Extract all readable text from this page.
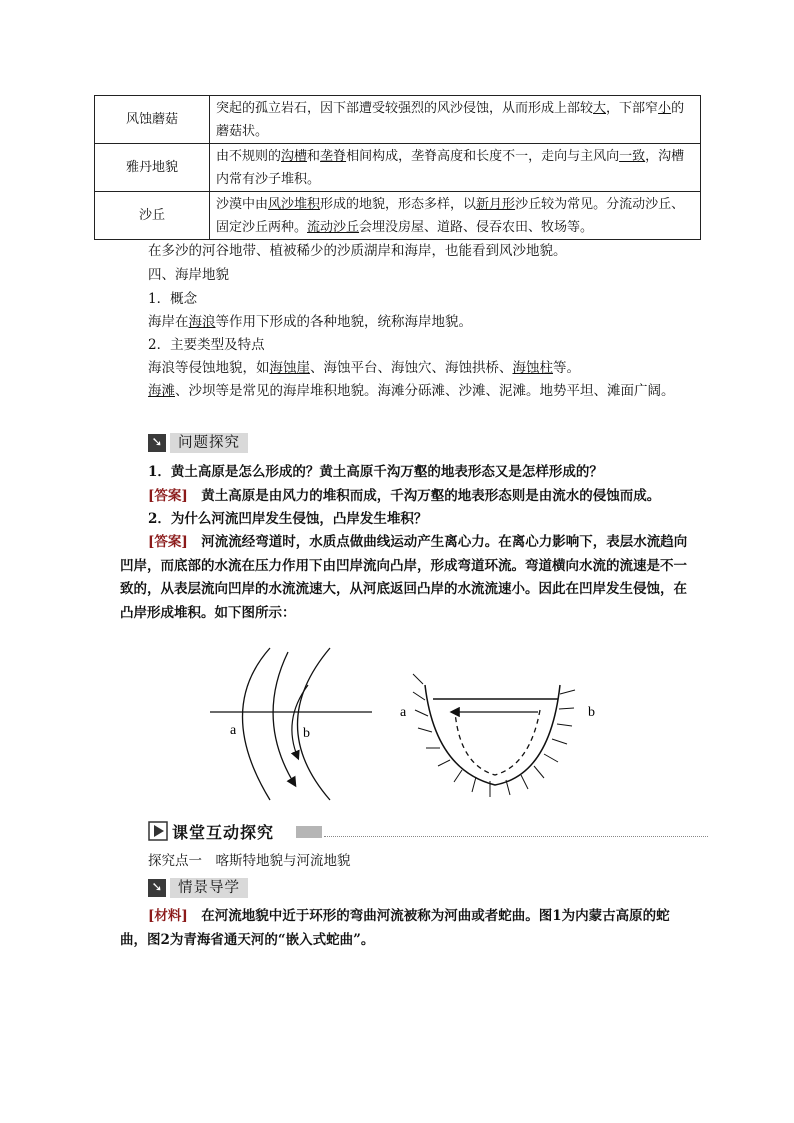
风蚀蘑菇	突起的孤立岩石，因下部遭受较强烈的风沙侵蚀，从而形成上部较大，下部窄小的蘑菇状。
雅丹地貌	由不规则的沟槽和垄脊相间构成，垄脊高度和长度不一，走向与主风向一致，沟槽内常有沙子堆积。
沙丘	沙漠中由风沙堆积形成的地貌，形态多样，以新月形沙丘较为常见。分流动沙丘、固定沙丘两种。流动沙丘会埋没房屋、道路、侵吞农田、牧场等。
在多沙的河谷地带、植被稀少的沙质湖岸和海岸，也能看到风沙地貌。
四、海岸地貌
1．概念
海岸在海浪等作用下形成的各种地貌，统称海岸地貌。
2．主要类型及特点
海浪等侵蚀地貌，如海蚀崖、海蚀平台、海蚀穴、海蚀拱桥、海蚀柱等。
海滩、沙坝等是常见的海岸堆积地貌。海滩分砾滩、沙滩、泥滩。地势平坦、滩面广阔。
➘	问题探究
1．黄土高原是怎么形成的？黄土高原千沟万壑的地表形态又是怎样形成的？
[答案]　黄土高原是由风力的堆积而成，千沟万壑的地表形态则是由流水的侵蚀而成。
2．为什么河流凹岸发生侵蚀，凸岸发生堆积？
[答案]　河流流经弯道时，水质点做曲线运动产生离心力。在离心力影响下，表层水流趋向凹岸，而底部的水流在压力作用下由凹岸流向凸岸，形成弯道环流。弯道横向水流的流速是不一致的，从表层流向凹岸的水流流速大，从河底返回凸岸的水流流速小。因此在凹岸发生侵蚀，在凸岸形成堆积。如下图所示：
a	b
a	b
课堂互动探究
探究点一　喀斯特地貌与河流地貌
➘	情景导学
[材料]　在河流地貌中近于环形的弯曲河流被称为河曲或者蛇曲。图1为内蒙古高原的蛇曲，图2为青海省通天河的“嵌入式蛇曲”。
